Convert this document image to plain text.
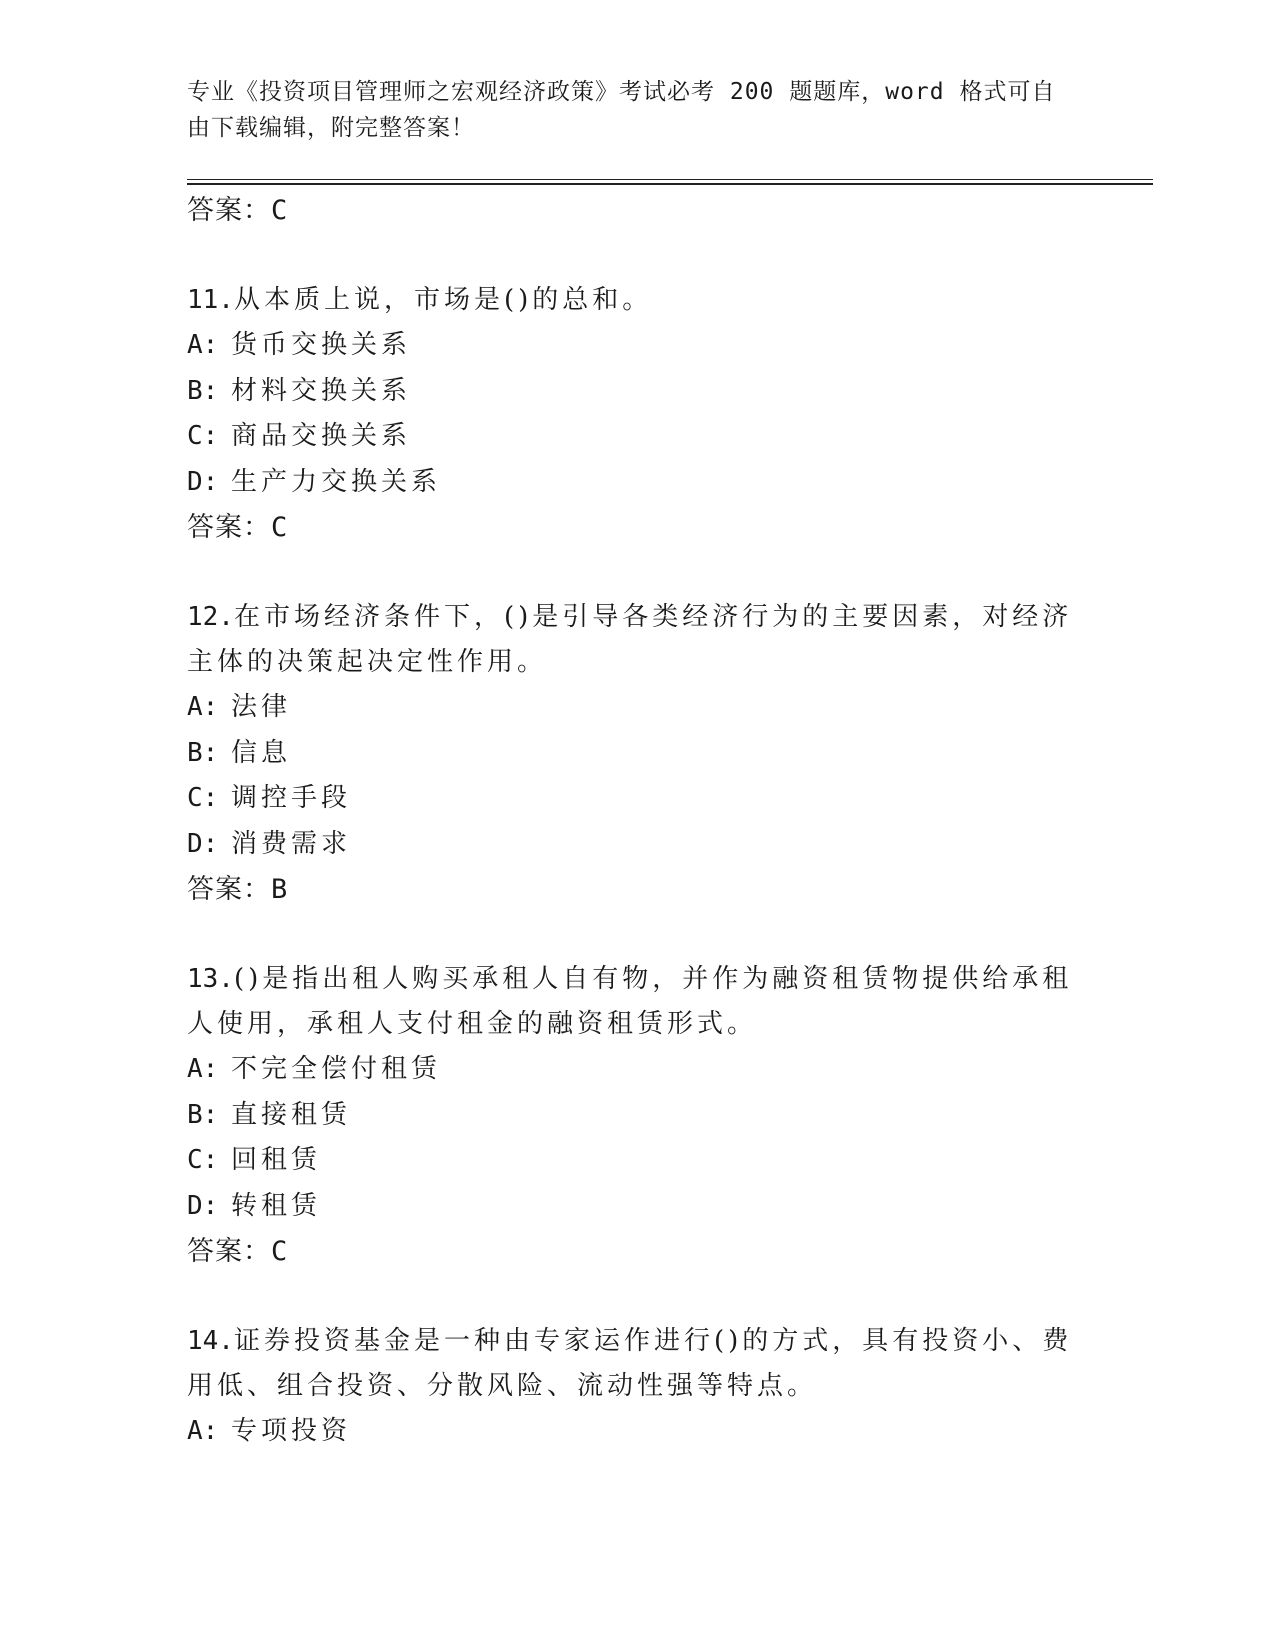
专业《投资项目管理师之宏观经济政策》考试必考 200 题题库，word 格式可自由下载编辑，附完整答案！
答案：C
11.从本质上说，市场是()的总和。
A: 货币交换关系
B: 材料交换关系
C: 商品交换关系
D: 生产力交换关系
答案：C
12.在市场经济条件下，()是引导各类经济行为的主要因素，对经济主体的决策起决定性作用。
A: 法律
B: 信息
C: 调控手段
D: 消费需求
答案：B
13.()是指出租人购买承租人自有物，并作为融资租赁物提供给承租人使用，承租人支付租金的融资租赁形式。
A: 不完全偿付租赁
B: 直接租赁
C: 回租赁
D: 转租赁
答案：C
14.证券投资基金是一种由专家运作进行()的方式，具有投资小、费用低、组合投资、分散风险、流动性强等特点。
A: 专项投资
